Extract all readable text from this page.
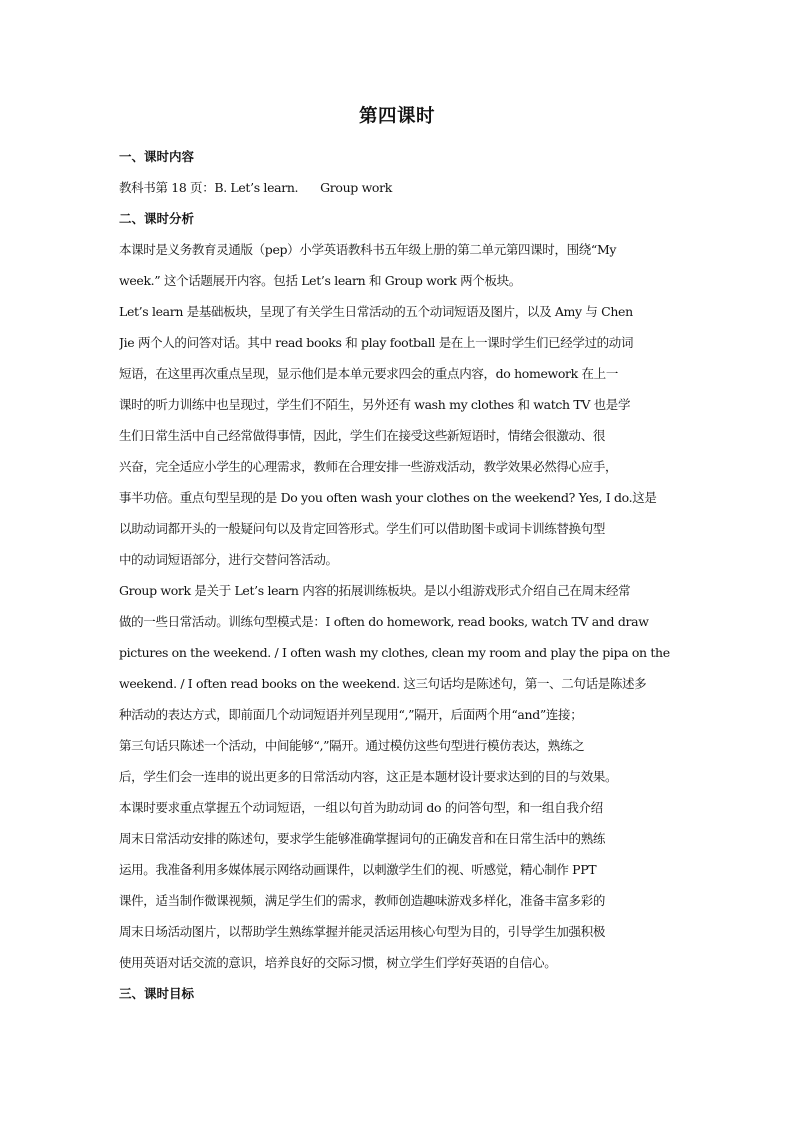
第四课时
一、课时内容
教科书第 18 页：B. Let’s learn. Group work
二、课时分析
本课时是义务教育灵通版（pep）小学英语教科书五年级上册的第二单元第四课时，围绕“My
week.” 这个话题展开内容。包括 Let’s learn 和 Group work 两个板块。
Let’s learn 是基础板块，呈现了有关学生日常活动的五个动词短语及图片，以及 Amy 与 Chen
Jie 两个人的问答对话。其中 read books 和 play football 是在上一课时学生们已经学过的动词
短语，在这里再次重点呈现，显示他们是本单元要求四会的重点内容，do homework 在上一
课时的听力训练中也呈现过，学生们不陌生，另外还有 wash my clothes 和 watch TV 也是学
生们日常生活中自己经常做得事情，因此，学生们在接受这些新短语时，情绪会很激动、很
兴奋，完全适应小学生的心理需求，教师在合理安排一些游戏活动，教学效果必然得心应手，
事半功倍。重点句型呈现的是 Do you often wash your clothes on the weekend? Yes, I do.这是
以助动词都开头的一般疑问句以及肯定回答形式。学生们可以借助图卡或词卡训练替换句型
中的动词短语部分，进行交替问答活动。
Group work 是关于 Let’s learn 内容的拓展训练板块。是以小组游戏形式介绍自己在周末经常
做的一些日常活动。训练句型模式是：I often do homework, read books, watch TV and draw
pictures on the weekend. / I often wash my clothes, clean my room and play the pipa on the
weekend. / I often read books on the weekend. 这三句话均是陈述句，第一、二句话是陈述多
种活动的表达方式，即前面几个动词短语并列呈现用“,”隔开，后面两个用“and”连接；
第三句话只陈述一个活动，中间能够“,”隔开。通过模仿这些句型进行模仿表达，熟练之
后，学生们会一连串的说出更多的日常活动内容，这正是本题材设计要求达到的目的与效果。
本课时要求重点掌握五个动词短语，一组以句首为助动词 do 的问答句型，和一组自我介绍
周末日常活动安排的陈述句，要求学生能够准确掌握词句的正确发音和在日常生活中的熟练
运用。我准备利用多媒体展示网络动画课件，以刺激学生们的视、听感觉，精心制作 PPT
课件，适当制作微课视频，满足学生们的需求，教师创造趣味游戏多样化，准备丰富多彩的
周末日场活动图片，以帮助学生熟练掌握并能灵活运用核心句型为目的，引导学生加强积极
使用英语对话交流的意识，培养良好的交际习惯，树立学生们学好英语的自信心。
三、课时目标
